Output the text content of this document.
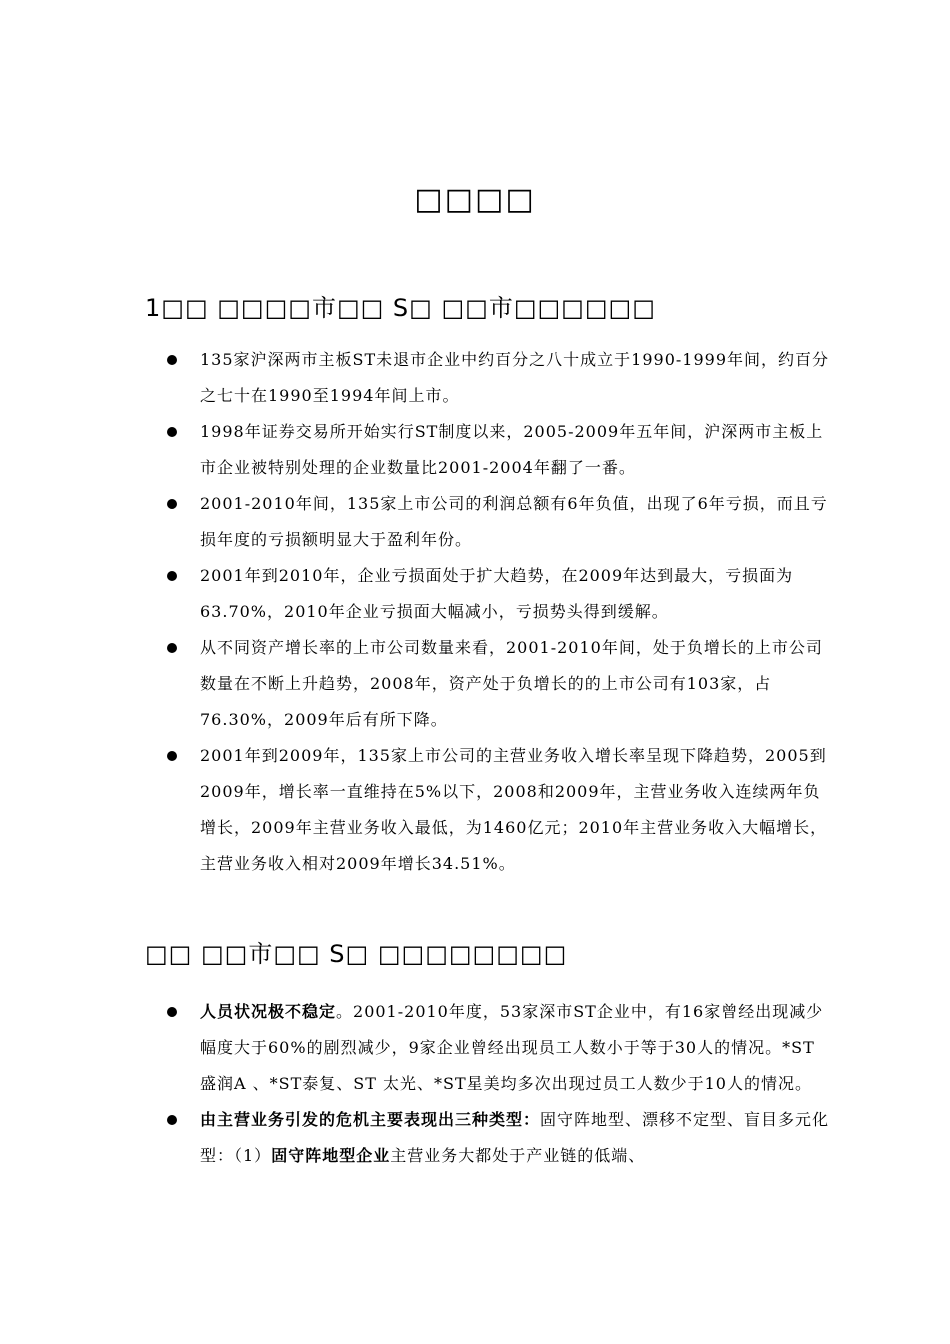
□□□□
1□□ □□□□市□□ S□ □□市□□□□□□
135家沪深两市主板ST未退市企业中约百分之八十成立于1990-1999年间，约百分之七十在1990至1994年间上市。
1998年证券交易所开始实行ST制度以来，2005-2009年五年间，沪深两市主板上市企业被特别处理的企业数量比2001-2004年翻了一番。
2001-2010年间，135家上市公司的利润总额有6年负值，出现了6年亏损，而且亏损年度的亏损额明显大于盈利年份。
2001年到2010年，企业亏损面处于扩大趋势，在2009年达到最大，亏损面为63.70%，2010年企业亏损面大幅减小，亏损势头得到缓解。
从不同资产增长率的上市公司数量来看，2001-2010年间，处于负增长的上市公司数量在不断上升趋势，2008年，资产处于负增长的的上市公司有103家，占76.30%，2009年后有所下降。
2001年到2009年，135家上市公司的主营业务收入增长率呈现下降趋势，2005到2009年，增长率一直维持在5%以下，2008和2009年，主营业务收入连续两年负增长，2009年主营业务收入最低，为1460亿元；2010年主营业务收入大幅增长，主营业务收入相对2009年增长34.51%。
□□ □□市□□ S□ □□□□□□□□
人员状况极不稳定。2001-2010年度，53家深市ST企业中，有16家曾经出现减少幅度大于60%的剧烈减少，9家企业曾经出现员工人数小于等于30人的情况。*ST盛润A 、*ST泰复、ST 太光、*ST星美均多次出现过员工人数少于10人的情况。
由主营业务引发的危机主要表现出三种类型：固守阵地型、漂移不定型、盲目多元化型：（1）固守阵地型企业主营业务大都处于产业链的低端、
